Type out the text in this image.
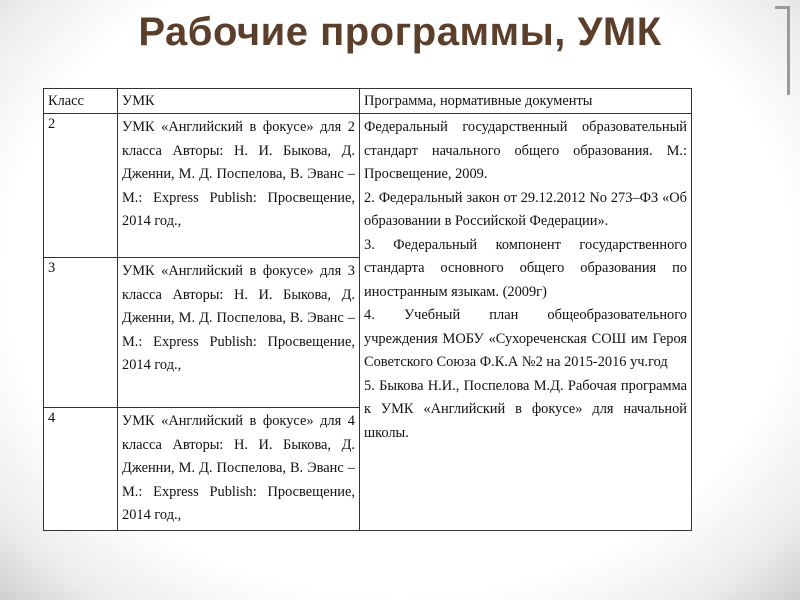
Рабочие программы, УМК
Класс	УМК	Программа, нормативные документы
2	УМК «Английский в фокусе» для 2 класса Авторы: Н. И. Быкова, Д. Дженни, М. Д. Поспелова, В. Эванс – М.: Express Publish: Просвещение, 2014 год.,	Федеральный государственный образовательный стандарт начального общего образования. М.: Просвещение, 2009.
2. Федеральный закон от 29.12.2012 No 273–ФЗ «Об образовании в Российской Федерации».
3. Федеральный компонент государственного стандарта основного общего образования по иностранным языкам. (2009г)
4. Учебный план общеобразовательного учреждения МОБУ «Сухореченская СОШ им Героя Советского Союза Ф.К.А №2 на 2015-2016 уч.год
5. Быкова Н.И., Поспелова М.Д. Рабочая программа к УМК «Английский в фокусе» для начальной школы.

3	УМК «Английский в фокусе» для 3 класса Авторы: Н. И. Быкова, Д. Дженни, М. Д. Поспелова, В. Эванс – М.: Express Publish: Просвещение, 2014 год.,	
4	УМК «Английский в фокусе» для 4 класса Авторы: Н. И. Быкова, Д. Дженни, М. Д. Поспелова, В. Эванс – М.: Express Publish: Просвещение, 2014 год.,	
